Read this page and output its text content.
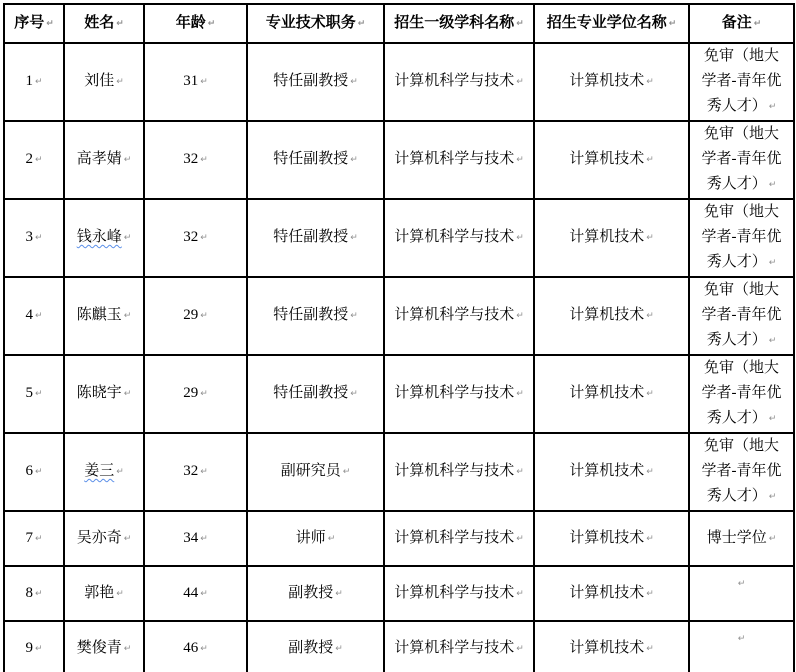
序号 ↵	姓名 ↵	年龄 ↵	专业技术职务 ↵	招生一级学科名称 ↵	招生专业学位名称 ↵	备注 ↵
1 ↵	刘佳 ↵	31 ↵	特任副教授 ↵	计算机科学与技术 ↵	计算机技术 ↵	免审（地大学者-青年优秀人才） ↵

2 ↵	高孝婧 ↵	32 ↵	特任副教授 ↵	计算机科学与技术 ↵	计算机技术 ↵	免审（地大学者-青年优秀人才） ↵

3 ↵	钱永峰 ↵	32 ↵	特任副教授 ↵	计算机科学与技术 ↵	计算机技术 ↵	免审（地大学者-青年优秀人才） ↵

4 ↵	陈麒玉 ↵	29 ↵	特任副教授 ↵	计算机科学与技术 ↵	计算机技术 ↵	免审（地大学者-青年优秀人才） ↵

5 ↵	陈晓宇 ↵	29 ↵	特任副教授 ↵	计算机科学与技术 ↵	计算机技术 ↵	免审（地大学者-青年优秀人才） ↵

6 ↵	姜三 ↵	32 ↵	副研究员 ↵	计算机科学与技术 ↵	计算机技术 ↵	免审（地大学者-青年优秀人才） ↵

7 ↵	吴亦奇 ↵	34 ↵	讲师 ↵	计算机科学与技术 ↵	计算机技术 ↵	博士学位 ↵

8 ↵	郭艳 ↵	44 ↵	副教授 ↵	计算机科学与技术 ↵	计算机技术 ↵	↵
9 ↵	樊俊青 ↵	46 ↵	副教授 ↵	计算机科学与技术 ↵	计算机技术 ↵	↵
